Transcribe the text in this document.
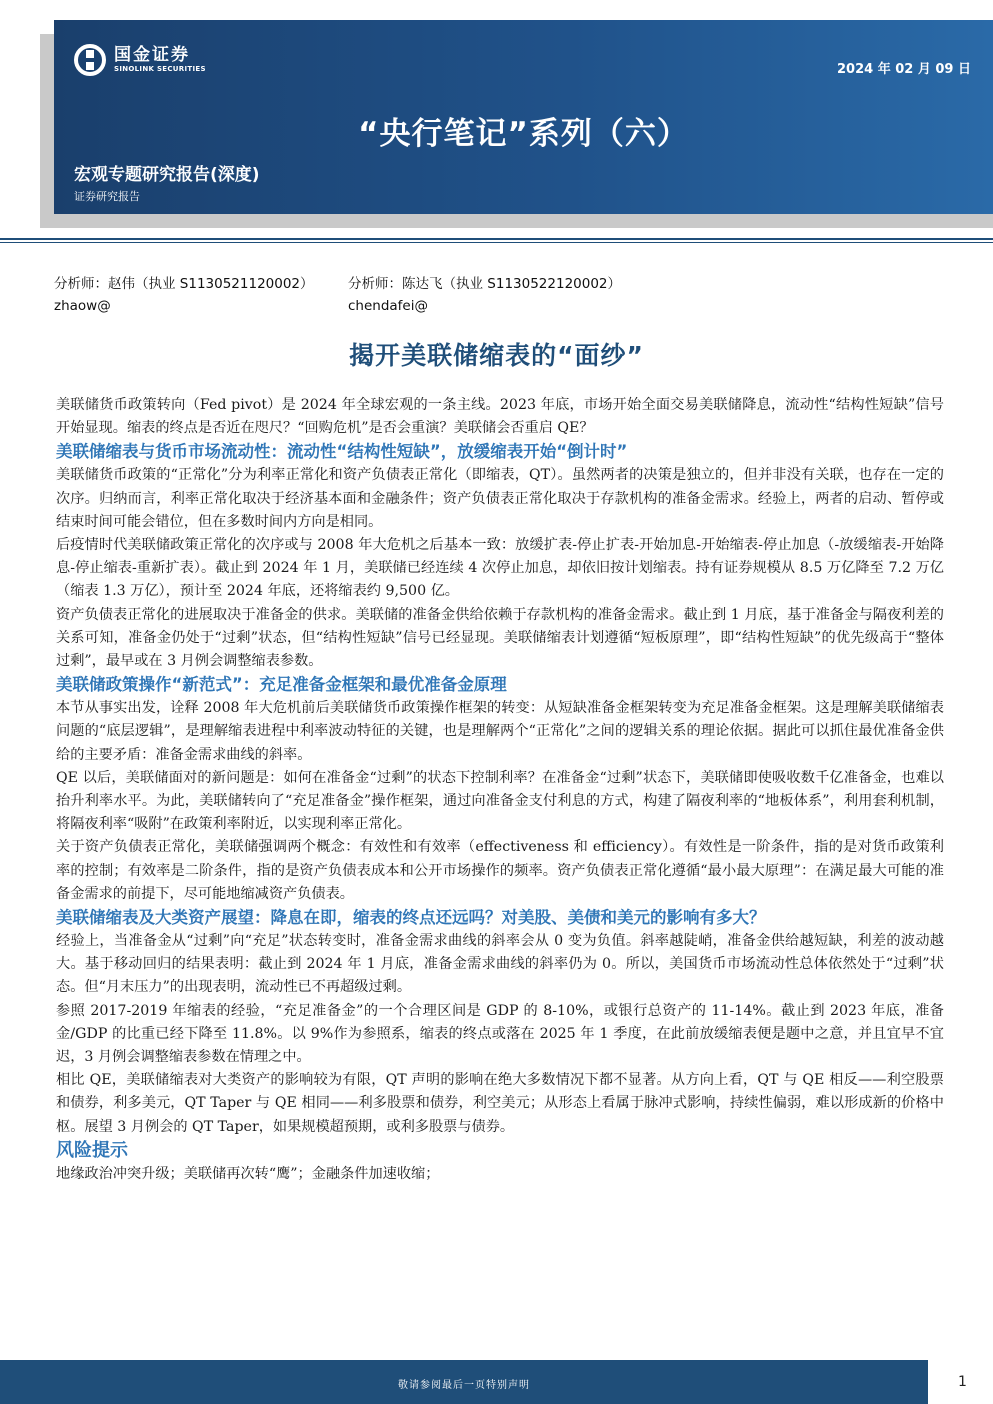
国金证券
SINOLINK SECURITIES	2024 年 02 月 09 日
“央行笔记”系列（六）
宏观专题研究报告(深度)
证券研究报告
分析师：赵伟（执业 S1130521120002）
zhaow@
分析师：陈达飞（执业 S1130522120002）
chendafei@
揭开美联储缩表的“面纱”

美联储货币政策转向（Fed pivot）是 2024 年全球宏观的一条主线。2023 年底，市场开始全面交易美联储降息，流动性“结构性短缺”信号开始显现。缩表的终点是否近在咫尺？“回购危机”是否会重演？美联储会否重启 QE？

美联储缩表与货币市场流动性：流动性“结构性短缺”，放缓缩表开始“倒计时”

美联储货币政策的“正常化”分为利率正常化和资产负债表正常化（即缩表，QT）。虽然两者的决策是独立的，但并非没有关联，也存在一定的次序。归纳而言，利率正常化取决于经济基本面和金融条件；资产负债表正常化取决于存款机构的准备金需求。经验上，两者的启动、暂停或结束时间可能会错位，但在多数时间内方向是相同。

后疫情时代美联储政策正常化的次序或与 2008 年大危机之后基本一致：放缓扩表-停止扩表-开始加息-开始缩表-停止加息（-放缓缩表-开始降息-停止缩表-重新扩表）。截止到 2024 年 1 月，美联储已经连续 4 次停止加息，却依旧按计划缩表。持有证券规模从 8.5 万亿降至 7.2 万亿（缩表 1.3 万亿），预计至 2024 年底，还将缩表约 9,500 亿。

资产负债表正常化的进展取决于准备金的供求。美联储的准备金供给依赖于存款机构的准备金需求。截止到 1 月底，基于准备金与隔夜利差的关系可知，准备金仍处于“过剩”状态，但“结构性短缺”信号已经显现。美联储缩表计划遵循“短板原理”，即“结构性短缺”的优先级高于“整体过剩”，最早或在 3 月例会调整缩表参数。

美联储政策操作“新范式”：充足准备金框架和最优准备金原理

本节从事实出发，诠释 2008 年大危机前后美联储货币政策操作框架的转变：从短缺准备金框架转变为充足准备金框架。这是理解美联储缩表问题的“底层逻辑”，是理解缩表进程中利率波动特征的关键，也是理解两个“正常化”之间的逻辑关系的理论依据。据此可以抓住最优准备金供给的主要矛盾：准备金需求曲线的斜率。

QE 以后，美联储面对的新问题是：如何在准备金“过剩”的状态下控制利率？在准备金“过剩”状态下，美联储即使吸收数千亿准备金，也难以抬升利率水平。为此，美联储转向了“充足准备金”操作框架，通过向准备金支付利息的方式，构建了隔夜利率的“地板体系”，利用套利机制，将隔夜利率“吸附”在政策利率附近，以实现利率正常化。

关于资产负债表正常化，美联储强调两个概念：有效性和有效率（effectiveness 和 efficiency）。有效性是一阶条件，指的是对货币政策利率的控制；有效率是二阶条件，指的是资产负债表成本和公开市场操作的频率。资产负债表正常化遵循“最小最大原理”：在满足最大可能的准备金需求的前提下，尽可能地缩减资产负债表。

美联储缩表及大类资产展望：降息在即，缩表的终点还远吗？对美股、美债和美元的影响有多大？

经验上，当准备金从“过剩”向“充足”状态转变时，准备金需求曲线的斜率会从 0 变为负值。斜率越陡峭，准备金供给越短缺，利差的波动越大。基于移动回归的结果表明：截止到 2024 年 1 月底，准备金需求曲线的斜率仍为 0。所以，美国货币市场流动性总体依然处于“过剩”状态。但“月末压力”的出现表明，流动性已不再超级过剩。

参照 2017-2019 年缩表的经验，“充足准备金”的一个合理区间是 GDP 的 8-10%，或银行总资产的 11-14%。截止到 2023 年底，准备金/GDP 的比重已经下降至 11.8%。以 9%作为参照系，缩表的终点或落在 2025 年 1 季度，在此前放缓缩表便是题中之意，并且宜早不宜迟，3 月例会调整缩表参数在情理之中。

相比 QE，美联储缩表对大类资产的影响较为有限，QT 声明的影响在绝大多数情况下都不显著。从方向上看，QT 与 QE 相反——利空股票和债券，利多美元，QT Taper 与 QE 相同——利多股票和债券，利空美元；从形态上看属于脉冲式影响，持续性偏弱，难以形成新的价格中枢。展望 3 月例会的 QT Taper，如果规模超预期，或利多股票与债券。

风险提示

地缘政治冲突升级；美联储再次转“鹰”；金融条件加速收缩；

敬请参阅最后一页特别声明	1
